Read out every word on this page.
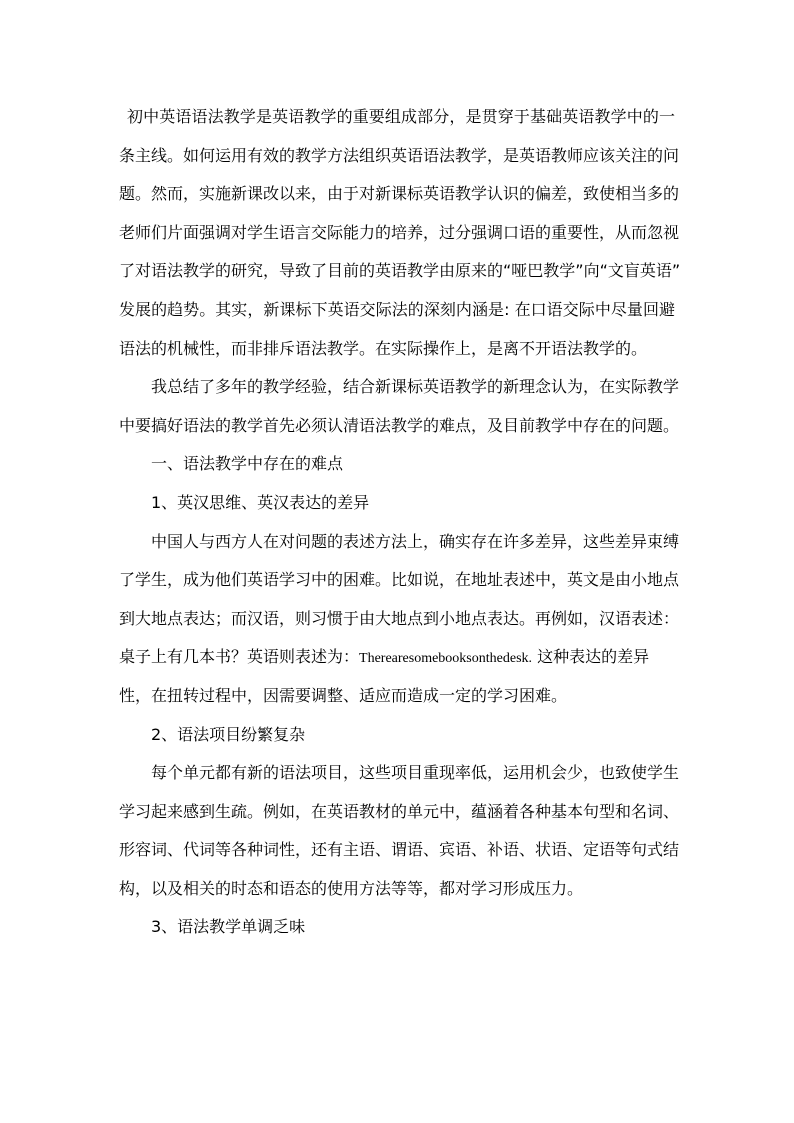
初中英语语法教学是英语教学的重要组成部分，是贯穿于基础英语教学中的一
条主线。如何运用有效的教学方法组织英语语法教学，是英语教师应该关注的问
题。然而，实施新课改以来，由于对新课标英语教学认识的偏差，致使相当多的
老师们片面强调对学生语言交际能力的培养，过分强调口语的重要性，从而忽视
了对语法教学的研究，导致了目前的英语教学由原来的“哑巴教学”向“文盲英语”
发展的趋势。其实，新课标下英语交际法的深刻内涵是: 在口语交际中尽量回避
语法的机械性，而非排斥语法教学。在实际操作上，是离不开语法教学的。
我总结了多年的教学经验，结合新课标英语教学的新理念认为，在实际教学
中要搞好语法的教学首先必须认清语法教学的难点，及目前教学中存在的问题。
一、语法教学中存在的难点
1、英汉思维、英汉表达的差异
中国人与西方人在对问题的表述方法上，确实存在许多差异，这些差异束缚
了学生，成为他们英语学习中的困难。比如说，在地址表述中，英文是由小地点
到大地点表达；而汉语，则习惯于由大地点到小地点表达。再例如，汉语表述：
桌子上有几本书？英语则表述为：Therearesomebooksonthedesk. 这种表达的差异
性，在扭转过程中，因需要调整、适应而造成一定的学习困难。
2、语法项目纷繁复杂
每个单元都有新的语法项目，这些项目重现率低，运用机会少，也致使学生
学习起来感到生疏。例如，在英语教材的单元中，蕴涵着各种基本句型和名词、
形容词、代词等各种词性，还有主语、谓语、宾语、补语、状语、定语等句式结
构，以及相关的时态和语态的使用方法等等，都对学习形成压力。
3、语法教学单调乏味
